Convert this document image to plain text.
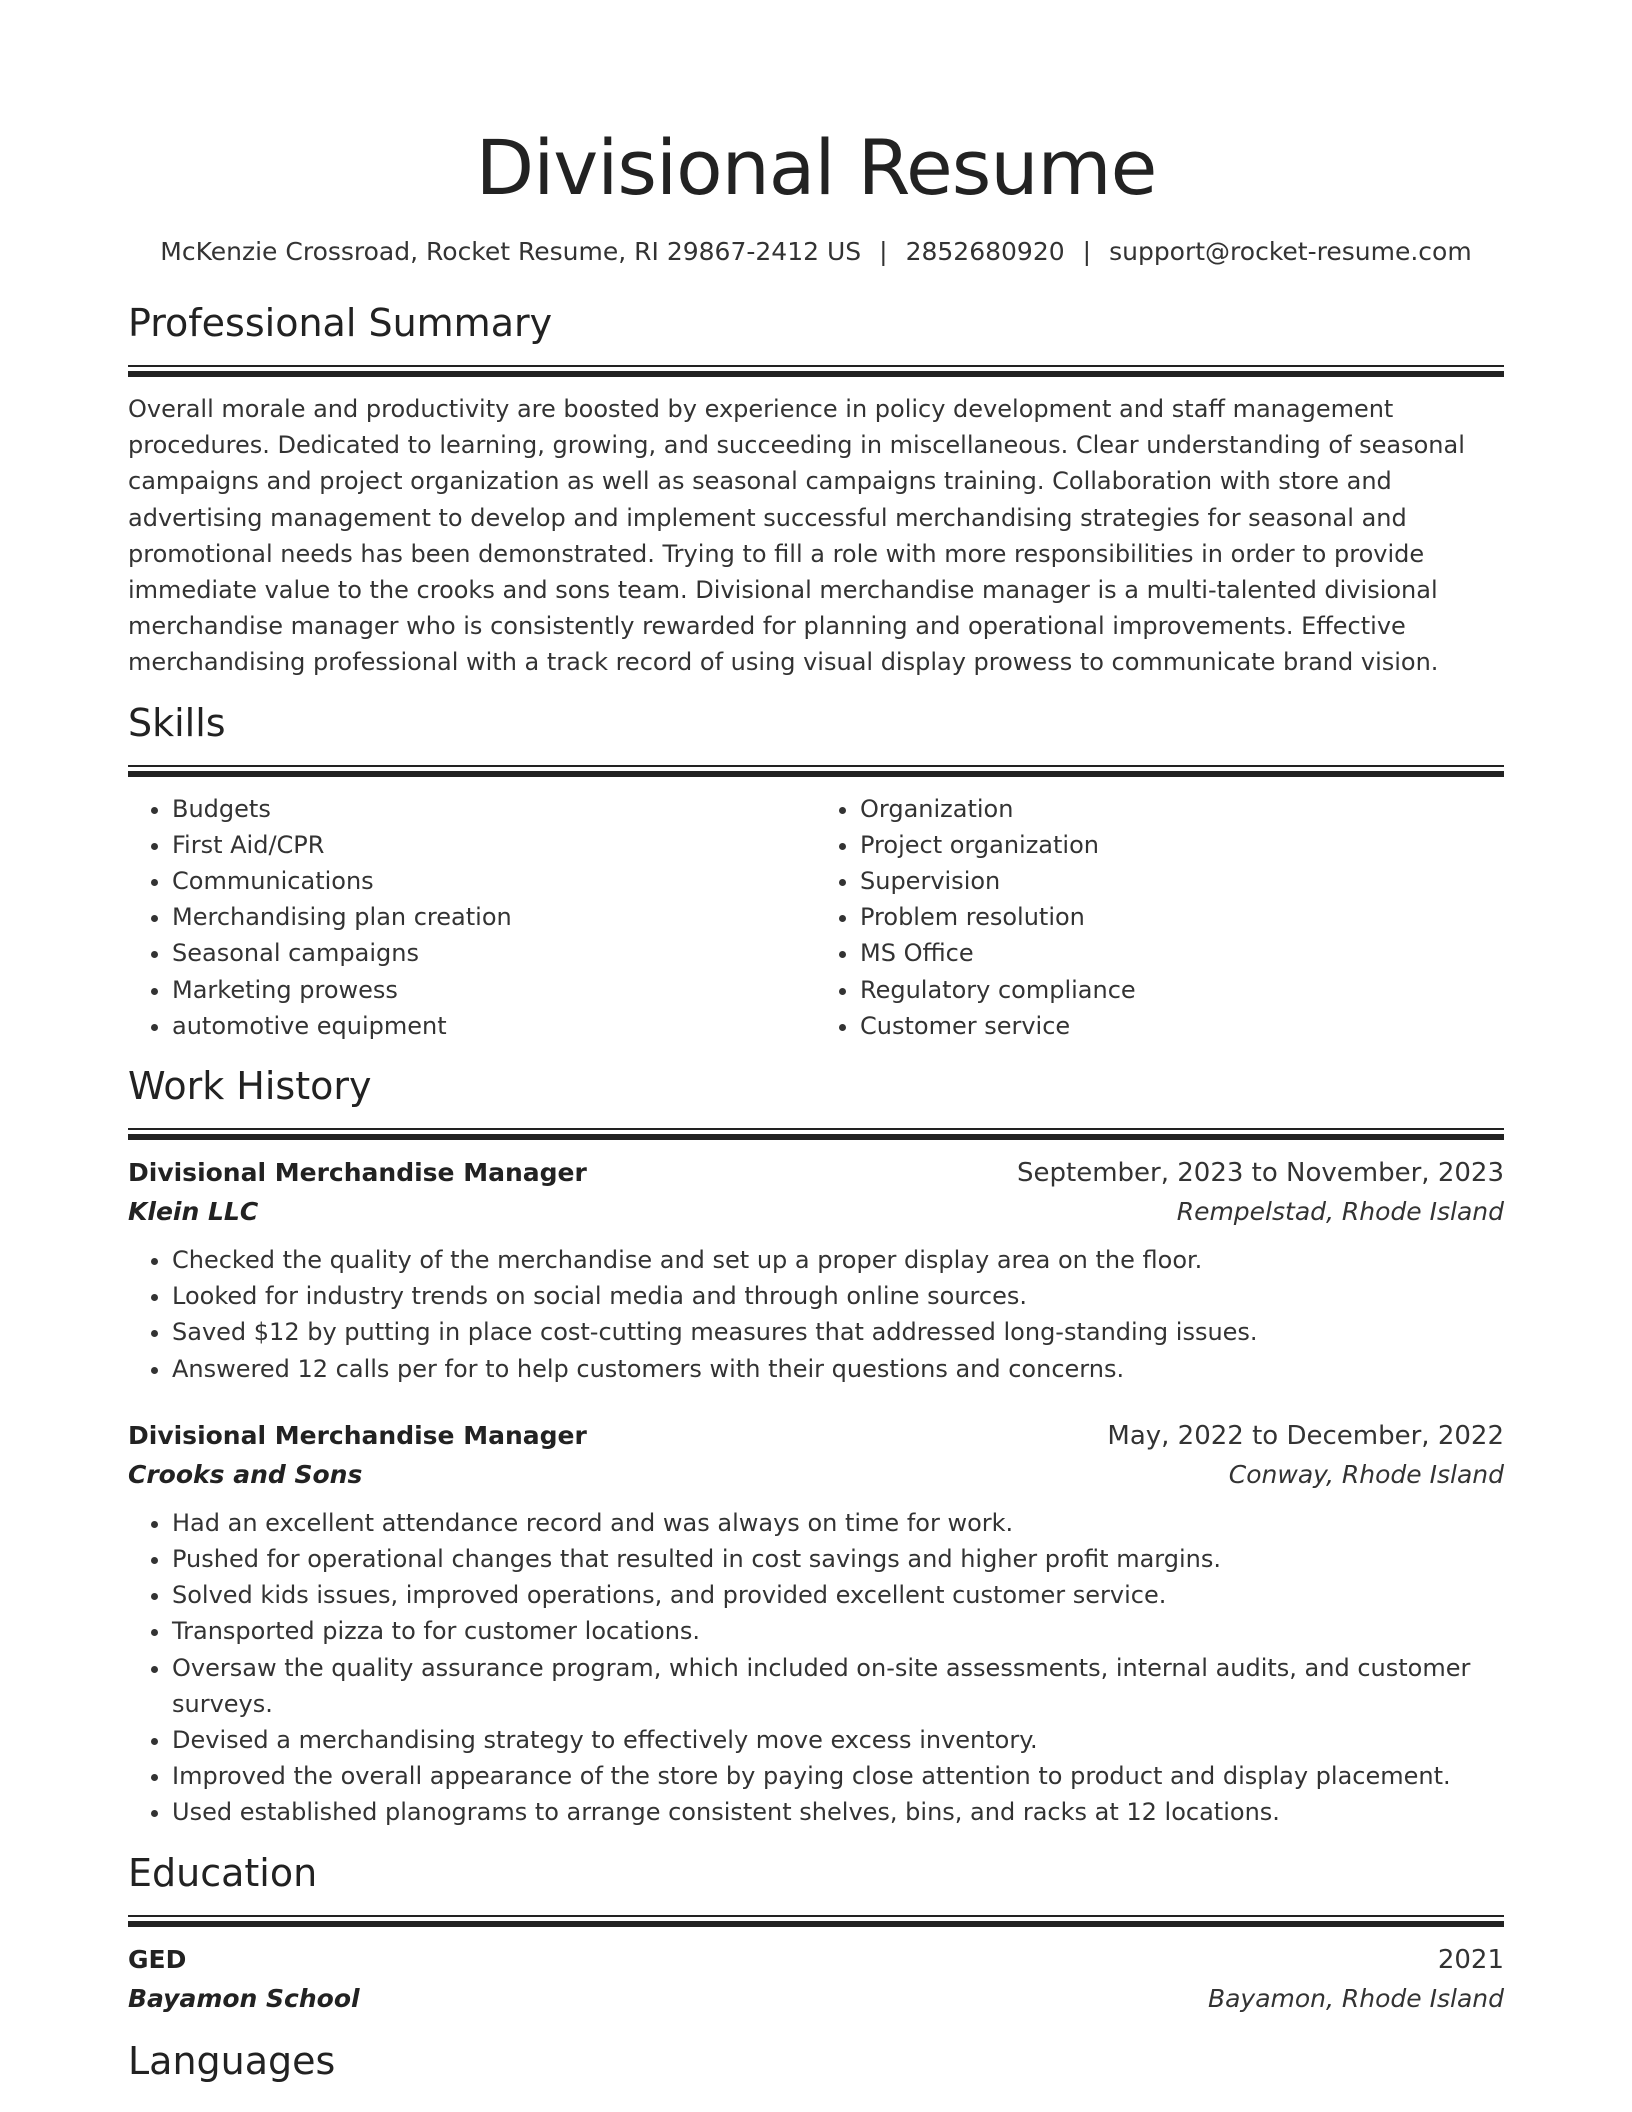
Divisional Resume
McKenzie Crossroad, Rocket Resume, RI 29867-2412 US | 2852680920 | support@rocket-resume.com
Professional Summary

Overall morale and productivity are boosted by experience in policy development and staff management procedures. Dedicated to learning, growing, and succeeding in miscellaneous. Clear understanding of seasonal campaigns and project organization as well as seasonal campaigns training. Collaboration with store and advertising management to develop and implement successful merchandising strategies for seasonal and promotional needs has been demonstrated. Trying to fill a role with more responsibilities in order to provide immediate value to the crooks and sons team. Divisional merchandise manager is a multi-talented divisional merchandise manager who is consistently rewarded for planning and operational improvements. Effective merchandising professional with a track record of using visual display prowess to communicate brand vision.

Skills
• Budgets
• First Aid/CPR
• Communications
• Merchandising plan creation
• Seasonal campaigns
• Marketing prowess
• automotive equipment
• Organization
• Project organization
• Supervision
• Problem resolution
• MS Office
• Regulatory compliance
• Customer service
Work History
Divisional Merchandise Manager	September, 2023 to November, 2023
Klein LLC	Rempelstad, Rhode Island
• Checked the quality of the merchandise and set up a proper display area on the floor.
• Looked for industry trends on social media and through online sources.
• Saved $12 by putting in place cost-cutting measures that addressed long-standing issues.
• Answered 12 calls per for to help customers with their questions and concerns.
Divisional Merchandise Manager	May, 2022 to December, 2022
Crooks and Sons	Conway, Rhode Island
• Had an excellent attendance record and was always on time for work.
• Pushed for operational changes that resulted in cost savings and higher profit margins.
• Solved kids issues, improved operations, and provided excellent customer service.
• Transported pizza to for customer locations.
• Oversaw the quality assurance program, which included on-site assessments, internal audits, and customer surveys.
• Devised a merchandising strategy to effectively move excess inventory.
• Improved the overall appearance of the store by paying close attention to product and display placement.
• Used established planograms to arrange consistent shelves, bins, and racks at 12 locations.
Education
GED	2021
Bayamon School	Bayamon, Rhode Island
Languages
